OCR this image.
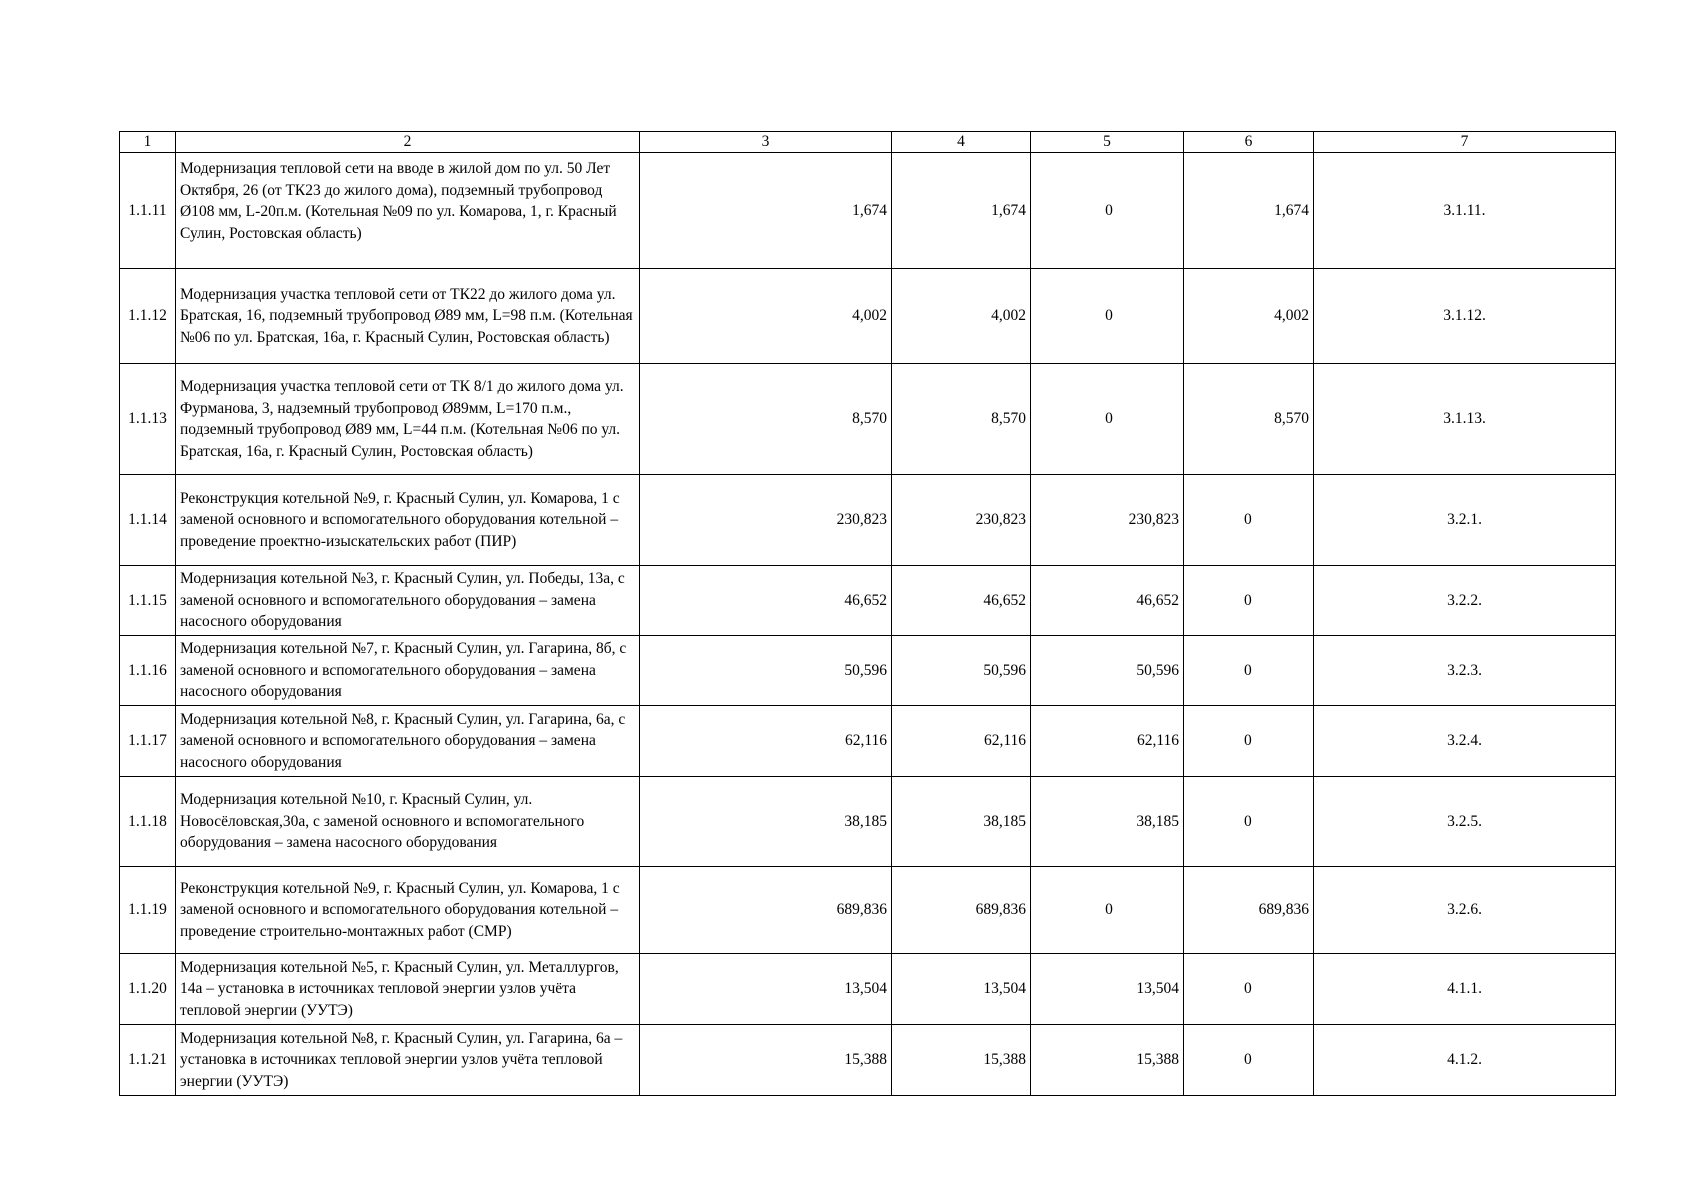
1	2	3	4	5	6	7
1.1.11	Модернизация тепловой сети на вводе в жилой дом по ул. 50 Лет Октября, 26 (от ТК23 до жилого дома), подземный трубопровод Ø108 мм, L-20п.м. (Котельная №09 по ул. Комарова, 1, г. Красный Сулин, Ростовская область)	1,674	1,674	0	1,674	3.1.11.
1.1.12	Модернизация участка тепловой сети от ТК22 до жилого дома ул. Братская, 16, подземный трубопровод Ø89 мм, L=98 п.м. (Котельная №06 по ул. Братская, 16а, г. Красный Сулин, Ростовская область)	4,002	4,002	0	4,002	3.1.12.
1.1.13	Модернизация участка тепловой сети от ТК 8/1 до жилого дома ул. Фурманова, 3, надземный трубопровод Ø89мм, L=170 п.м., подземный трубопровод Ø89 мм, L=44 п.м. (Котельная №06 по ул. Братская, 16а, г. Красный Сулин, Ростовская область)	8,570	8,570	0	8,570	3.1.13.
1.1.14	Реконструкция котельной №9, г. Красный Сулин, ул. Комарова, 1 с заменой основного и вспомогательного оборудования котельной – проведение проектно-изыскательских работ (ПИР)	230,823	230,823	230,823	0	3.2.1.
1.1.15	Модернизация котельной №3, г. Красный Сулин, ул. Победы, 13а, с заменой основного и вспомогательного оборудования – замена насосного оборудования	46,652	46,652	46,652	0	3.2.2.
1.1.16	Модернизация котельной №7, г. Красный Сулин, ул. Гагарина, 8б, с заменой основного и вспомогательного оборудования – замена насосного оборудования	50,596	50,596	50,596	0	3.2.3.
1.1.17	Модернизация котельной №8, г. Красный Сулин, ул. Гагарина, 6а, с заменой основного и вспомогательного оборудования – замена насосного оборудования	62,116	62,116	62,116	0	3.2.4.
1.1.18	Модернизация котельной №10, г. Красный Сулин, ул. Новосёловская,30а, с заменой основного и вспомогательного оборудования – замена насосного оборудования	38,185	38,185	38,185	0	3.2.5.
1.1.19	Реконструкция котельной №9, г. Красный Сулин, ул. Комарова, 1 с заменой основного и вспомогательного оборудования котельной – проведение строительно-монтажных работ (СМР)	689,836	689,836	0	689,836	3.2.6.
1.1.20	Модернизация котельной №5, г. Красный Сулин, ул. Металлургов, 14а – установка в источниках тепловой энергии узлов учёта тепловой энергии (УУТЭ)	13,504	13,504	13,504	0	4.1.1.
1.1.21	Модернизация котельной №8, г. Красный Сулин, ул. Гагарина, 6а – установка в источниках тепловой энергии узлов учёта тепловой энергии (УУТЭ)	15,388	15,388	15,388	0	4.1.2.
